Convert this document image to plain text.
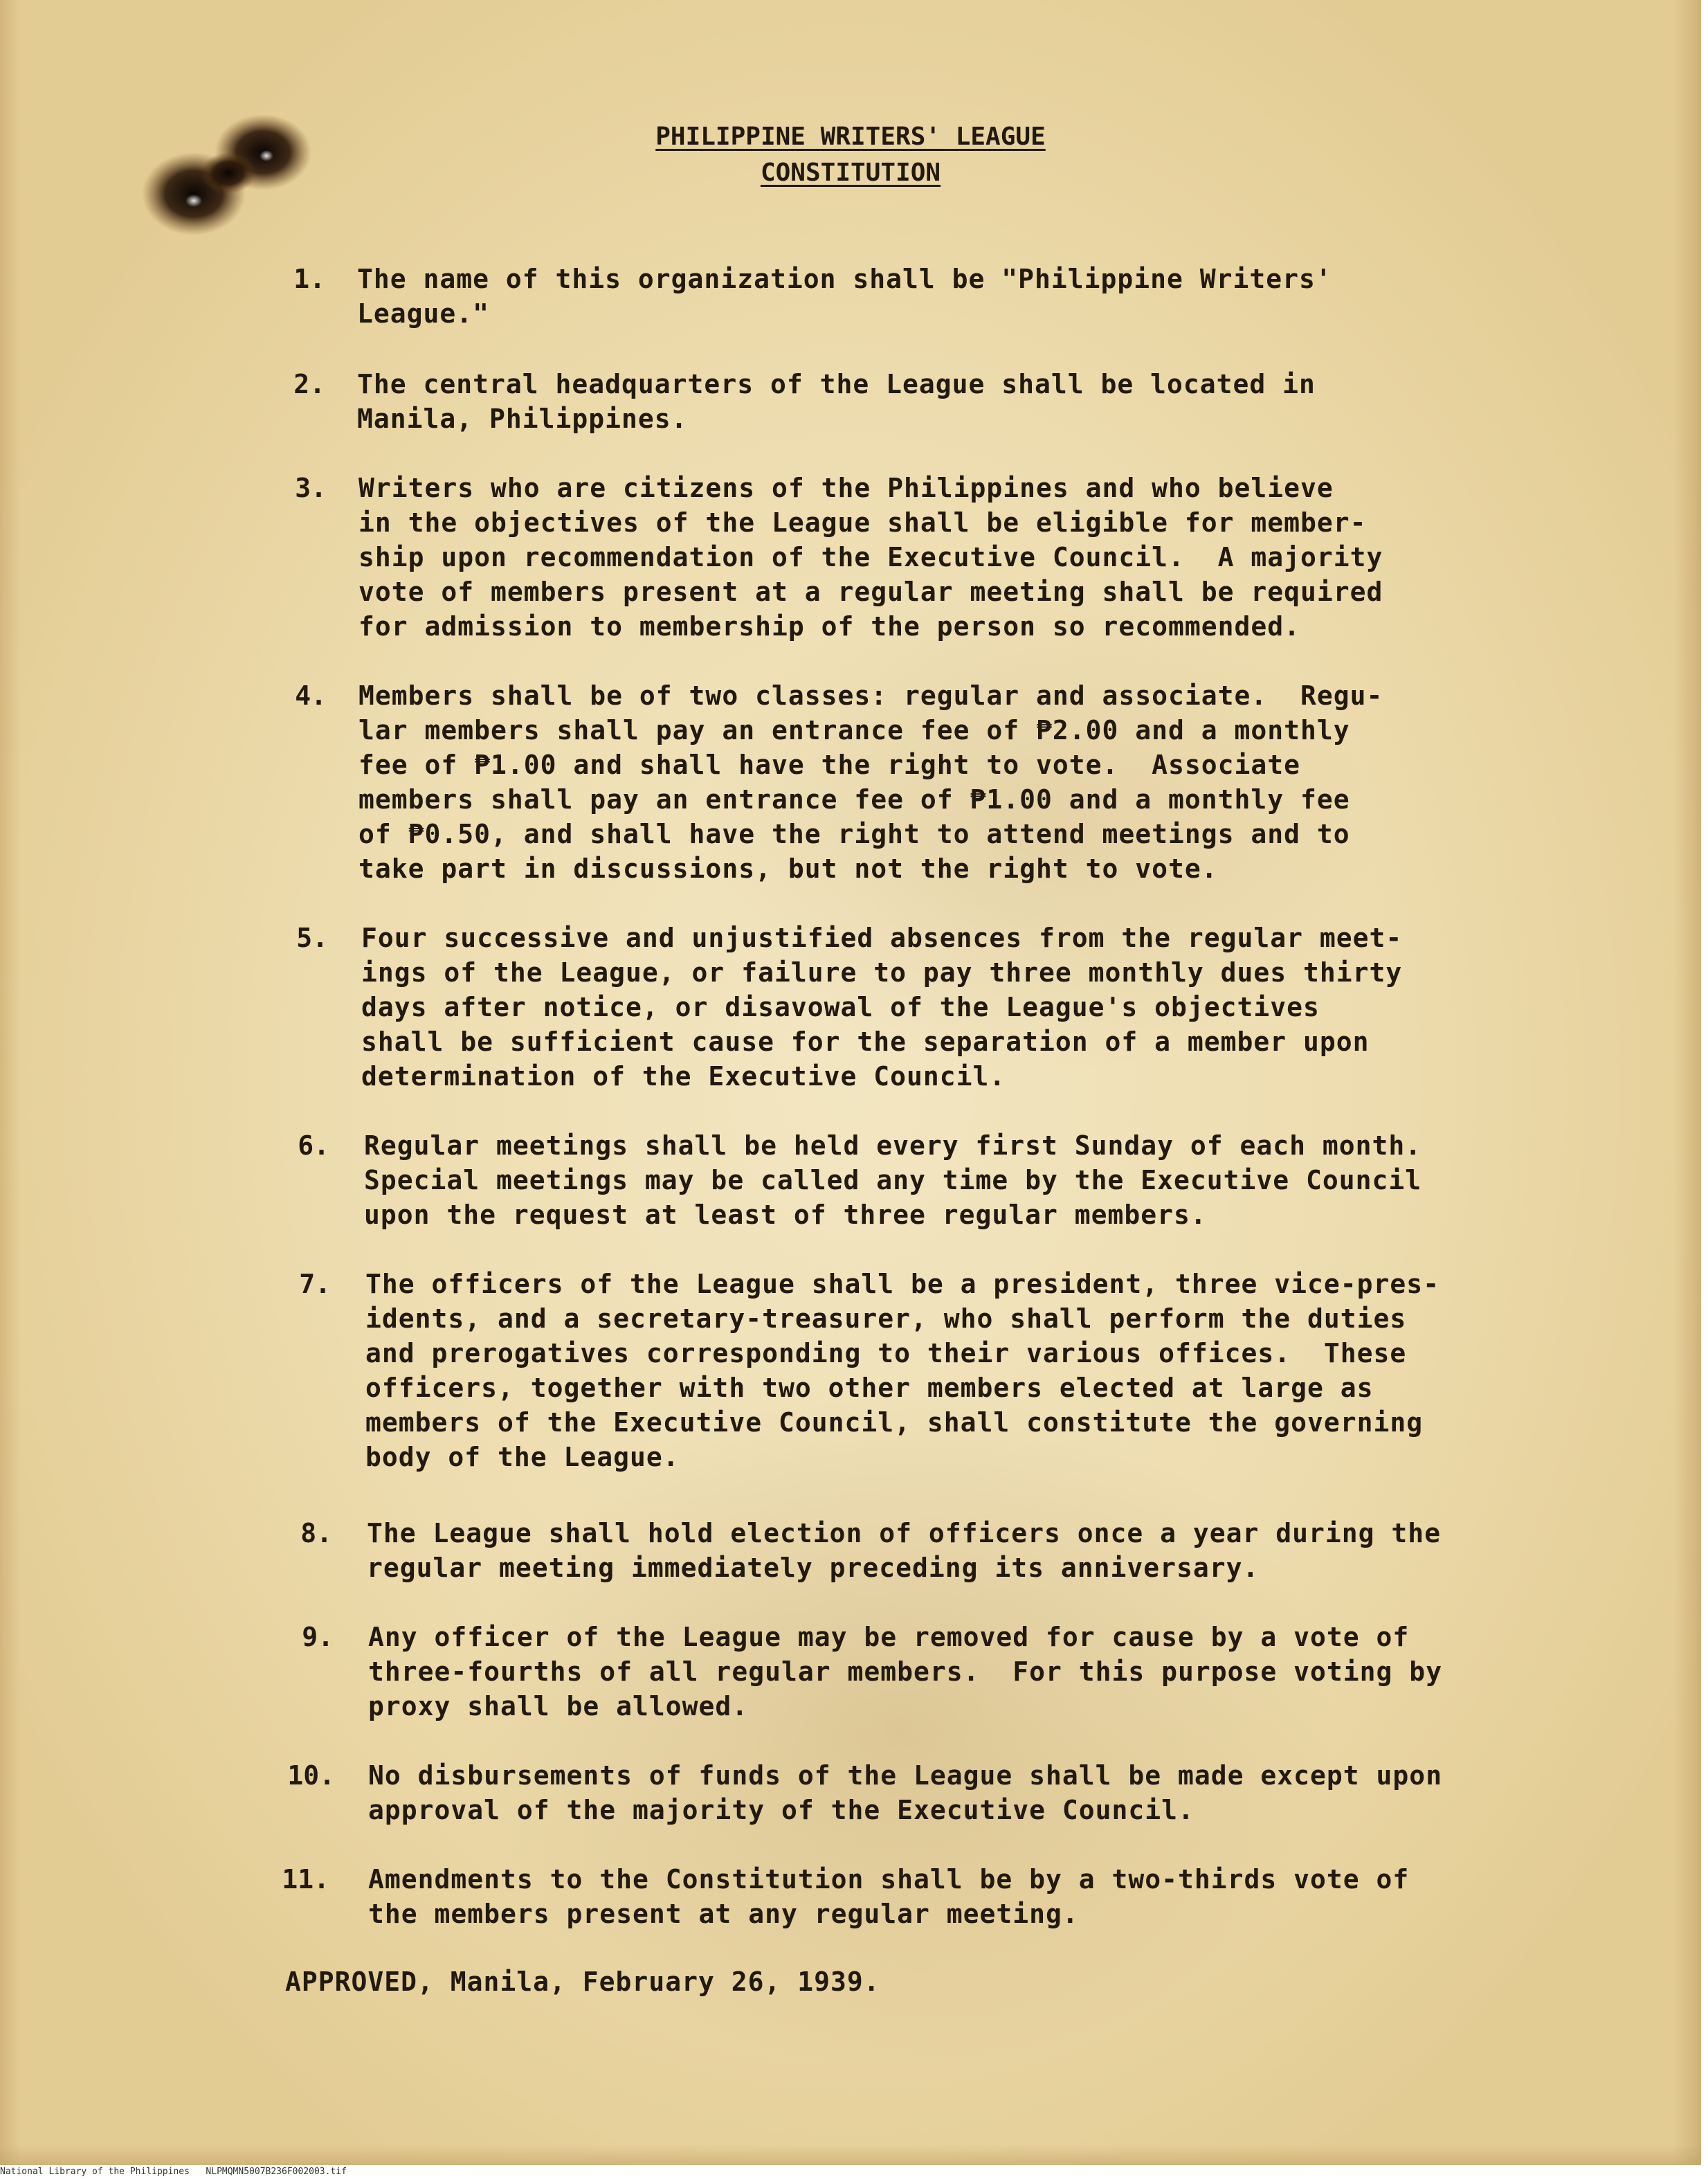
PHILIPPINE WRITERS' LEAGUE
CONSTITUTION
1. The name of this organization shall be "Philippine Writers'
League."
2. The central headquarters of the League shall be located in
Manila, Philippines.
3. Writers who are citizens of the Philippines and who believe
in the objectives of the League shall be eligible for member-
ship upon recommendation of the Executive Council.  A majority
vote of members present at a regular meeting shall be required
for admission to membership of the person so recommended.
4. Members shall be of two classes: regular and associate.  Regu-
lar members shall pay an entrance fee of ₱2.00 and a monthly
fee of ₱1.00 and shall have the right to vote.  Associate
members shall pay an entrance fee of ₱1.00 and a monthly fee
of ₱0.50, and shall have the right to attend meetings and to
take part in discussions, but not the right to vote.
5. Four successive and unjustified absences from the regular meet-
ings of the League, or failure to pay three monthly dues thirty
days after notice, or disavowal of the League's objectives
shall be sufficient cause for the separation of a member upon
determination of the Executive Council.
6. Regular meetings shall be held every first Sunday of each month.
Special meetings may be called any time by the Executive Council
upon the request at least of three regular members.
7. The officers of the League shall be a president, three vice-pres-
idents, and a secretary-treasurer, who shall perform the duties
and prerogatives corresponding to their various offices.  These
officers, together with two other members elected at large as
members of the Executive Council, shall constitute the governing
body of the League.
8. The League shall hold election of officers once a year during the
regular meeting immediately preceding its anniversary.
9. Any officer of the League may be removed for cause by a vote of
three-fourths of all regular members.  For this purpose voting by
proxy shall be allowed.
10. No disbursements of funds of the League shall be made except upon
approval of the majority of the Executive Council.
11. Amendments to the Constitution shall be by a two-thirds vote of
the members present at any regular meeting.
APPROVED, Manila, February 26, 1939.
National Library of the Philippines NLPMQMN5007B236F002003.tif
